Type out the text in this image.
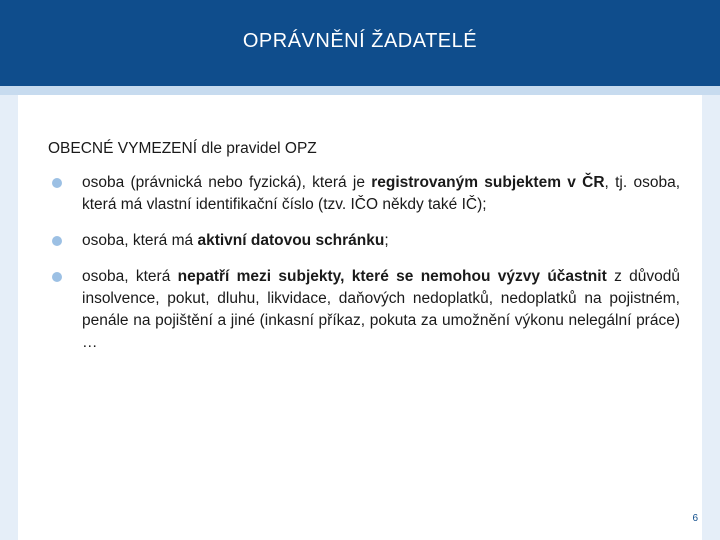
OPRÁVNĚNÍ ŽADATELÉ

OBECNÉ VYMEZENÍ dle pravidel OPZ

osoba (právnická nebo fyzická), která je registrovaným subjektem v ČR, tj. osoba, která má vlastní identifikační číslo (tzv. IČO někdy také IČ);
osoba, která má aktivní datovou schránku;
osoba, která nepatří mezi subjekty, které se nemohou výzvy účastnit z důvodů insolvence, pokut, dluhu, likvidace, daňových nedoplatků, nedoplatků na pojistném, penále na pojištění a jiné (inkasní příkaz, pokuta za umožnění výkonu nelegální práce) …
6
